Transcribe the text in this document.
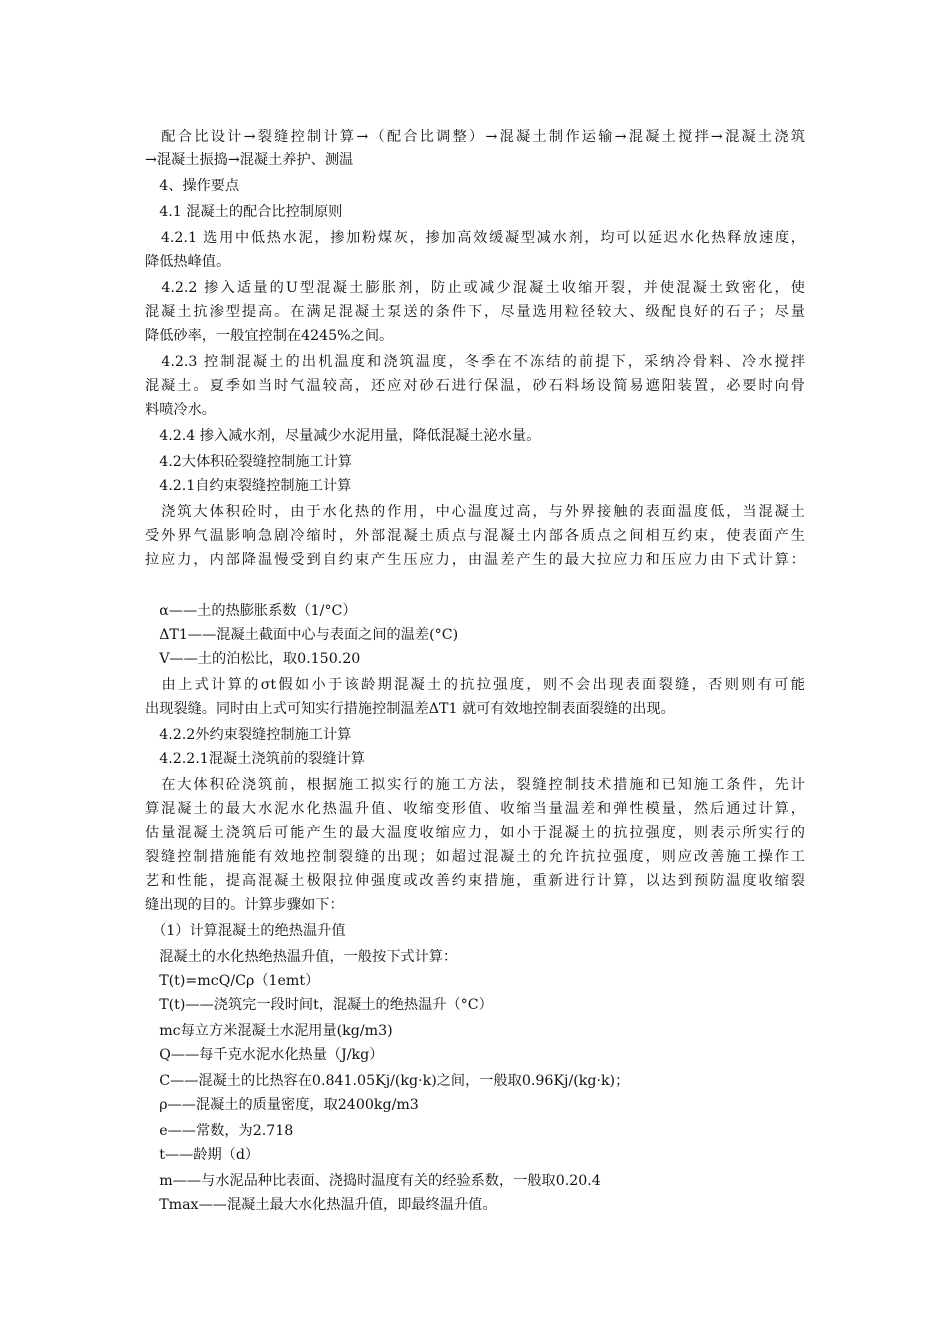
　配合比设计→裂缝控制计算→（配合比调整）→混凝土制作运输→混凝土搅拌→混凝土浇筑
→混凝土振捣→混凝土养护、测温
　4、操作要点
　4.1 混凝土的配合比控制原则
　4.2.1 选用中低热水泥，掺加粉煤灰，掺加高效缓凝型减水剂，均可以延迟水化热释放速度，
降低热峰值。
　4.2.2 掺入适量的U型混凝土膨胀剂，防止或减少混凝土收缩开裂，并使混凝土致密化，使
混凝土抗渗型提高。在满足混凝土泵送的条件下，尽量选用粒径较大、级配良好的石子；尽量
降低砂率，一般宜控制在4245%之间。
　4.2.3 控制混凝土的出机温度和浇筑温度，冬季在不冻结的前提下，采纳冷骨料、冷水搅拌
混凝土。夏季如当时气温较高，还应对砂石进行保温，砂石料场设简易遮阳装置，必要时向骨
料喷冷水。
　4.2.4 掺入减水剂，尽量减少水泥用量，降低混凝土泌水量。
　4.2大体积砼裂缝控制施工计算
　4.2.1自约束裂缝控制施工计算
　浇筑大体积砼时，由于水化热的作用，中心温度过高，与外界接触的表面温度低，当混凝土
受外界气温影响急剧冷缩时，外部混凝土质点与混凝土内部各质点之间相互约束，使表面产生
拉应力，内部降温慢受到自约束产生压应力，由温差产生的最大拉应力和压应力由下式计算：
　α——土的热膨胀系数（1/°C）
　ΔT1——混凝土截面中心与表面之间的温差(°C)
　V——土的泊松比，取0.150.20
　由上式计算的σt假如小于该龄期混凝土的抗拉强度，则不会出现表面裂缝，否则则有可能
出现裂缝。同时由上式可知实行措施控制温差ΔT1 就可有效地控制表面裂缝的出现。
　4.2.2外约束裂缝控制施工计算
　4.2.2.1混凝土浇筑前的裂缝计算
　在大体积砼浇筑前，根据施工拟实行的施工方法，裂缝控制技术措施和已知施工条件，先计
算混凝土的最大水泥水化热温升值、收缩变形值、收缩当量温差和弹性模量，然后通过计算，
估量混凝土浇筑后可能产生的最大温度收缩应力，如小于混凝土的抗拉强度，则表示所实行的
裂缝控制措施能有效地控制裂缝的出现；如超过混凝土的允许抗拉强度，则应改善施工操作工
艺和性能，提高混凝土极限拉伸强度或改善约束措施，重新进行计算，以达到预防温度收缩裂
缝出现的目的。计算步骤如下：
　（1）计算混凝土的绝热温升值
　混凝土的水化热绝热温升值，一般按下式计算：
　T(t)=mcQ/Cρ（1emt）
　T(t)——浇筑完一段时间t，混凝土的绝热温升（°C）
　mc每立方米混凝土水泥用量(kg/m3)
　Q——每千克水泥水化热量（J/kg）
　C——混凝土的比热容在0.841.05Kj/(kg·k)之间，一般取0.96Kj/(kg·k)；
　ρ——混凝土的质量密度，取2400kg/m3
　e——常数，为2.718
　t——龄期（d）
　m——与水泥品种比表面、浇捣时温度有关的经验系数，一般取0.20.4
　Tmax——混凝土最大水化热温升值，即最终温升值。
